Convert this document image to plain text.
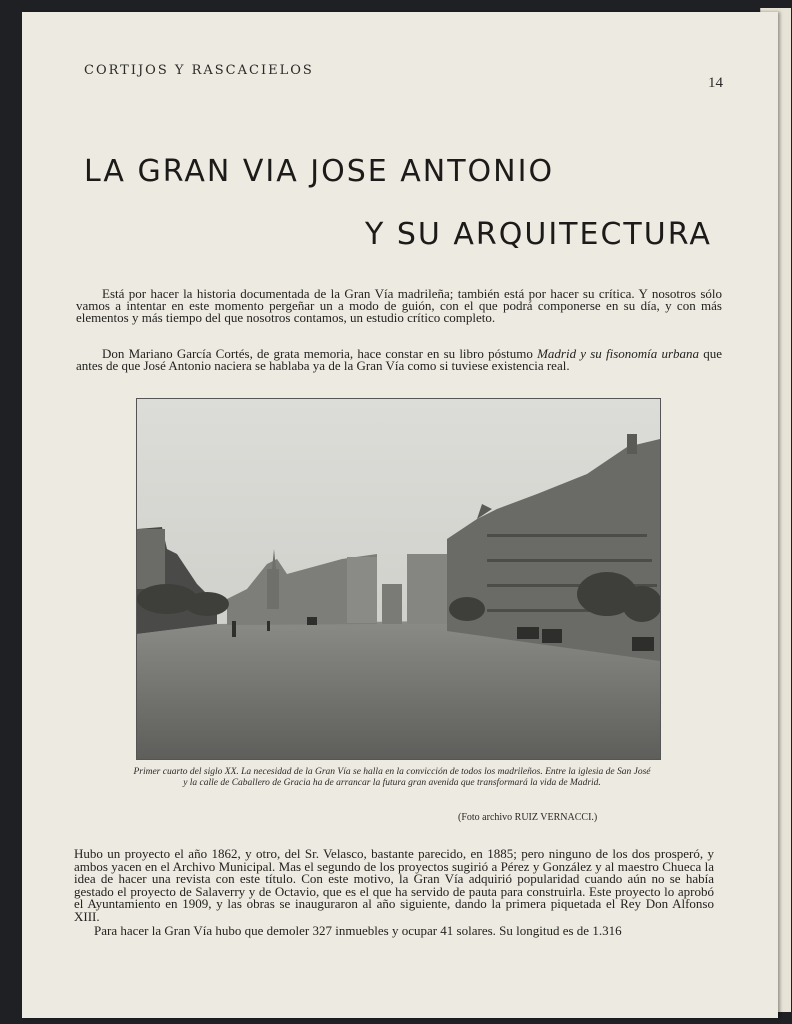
CORTIJOS Y RASCACIELOS
14
LA GRAN VIA JOSE ANTONIO
Y SU ARQUITECTURA

Está por hacer la historia documentada de la Gran Vía madrileña; también está por hacer su crítica. Y nosotros sólo vamos a intentar en este momento pergeñar un a modo de guión, con el que podrá componerse en su día, y con más elementos y más tiempo del que nosotros contamos, un estudio crítico completo.

Don Mariano García Cortés, de grata memoria, hace constar en su libro póstumo Madrid y su fisonomía urbana que antes de que José Antonio naciera se hablaba ya de la Gran Vía como si tuviese existencia real.

Primer cuarto del siglo XX. La necesidad de la Gran Vía se halla en la convicción de todos los madrileños. Entre la iglesia de San José y la calle de Caballero de Gracia ha de arrancar la futura gran avenida que transformará la vida de Madrid.

(Foto archivo RUIZ VERNACCI.)

Hubo un proyecto el año 1862, y otro, del Sr. Velasco, bastante parecido, en 1885; pero ninguno de los dos prosperó, y ambos yacen en el Archivo Municipal. Mas el segundo de los proyectos sugirió a Pérez y González y al maestro Chueca la idea de hacer una revista con este título. Con este motivo, la Gran Vía adquirió popularidad cuando aún no se había gestado el proyecto de Salaverry y de Octavio, que es el que ha servido de pauta para construirla. Este proyecto lo aprobó el Ayuntamiento en 1909, y las obras se inauguraron al año siguiente, dando la primera piquetada el Rey Don Alfonso XIII.

Para hacer la Gran Vía hubo que demoler 327 inmuebles y ocupar 41 solares. Su longitud es de 1.316
